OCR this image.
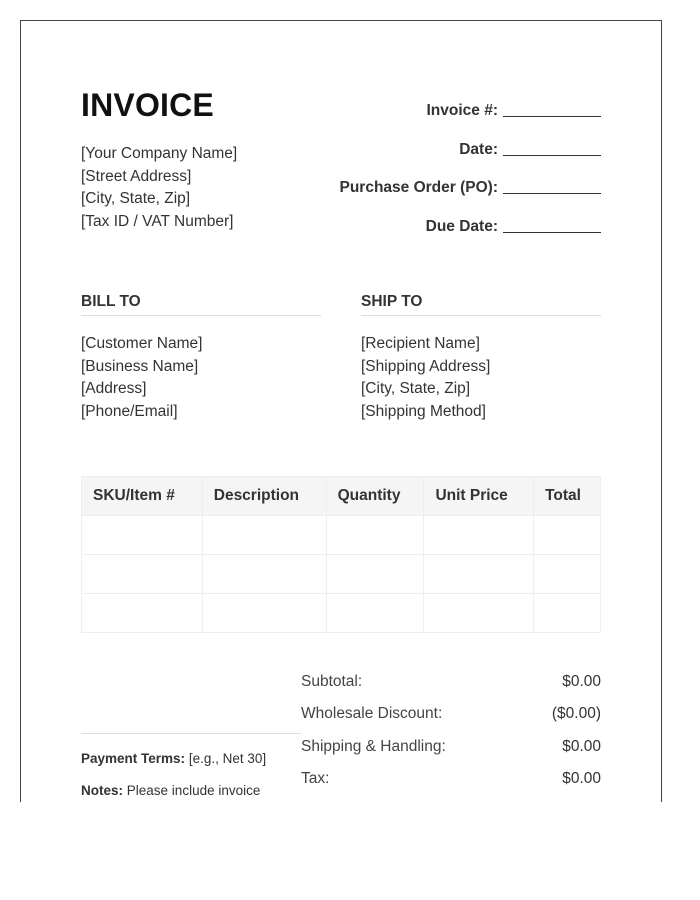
INVOICE
[Your Company Name]
[Street Address]
[City, State, Zip]
[Tax ID / VAT Number]
Invoice #:
Date:
Purchase Order (PO):
Due Date:
BILL TO
[Customer Name]
[Business Name]
[Address]
[Phone/Email]
SHIP TO
[Recipient Name]
[Shipping Address]
[City, State, Zip]
[Shipping Method]
SKU/Item #	Description	Quantity	Unit Price	Total

Payment Terms: [e.g., Net 30]
Notes: Please include invoice
Subtotal:	$0.00
Wholesale Discount:	($0.00)
Shipping & Handling:	$0.00
Tax:	$0.00
